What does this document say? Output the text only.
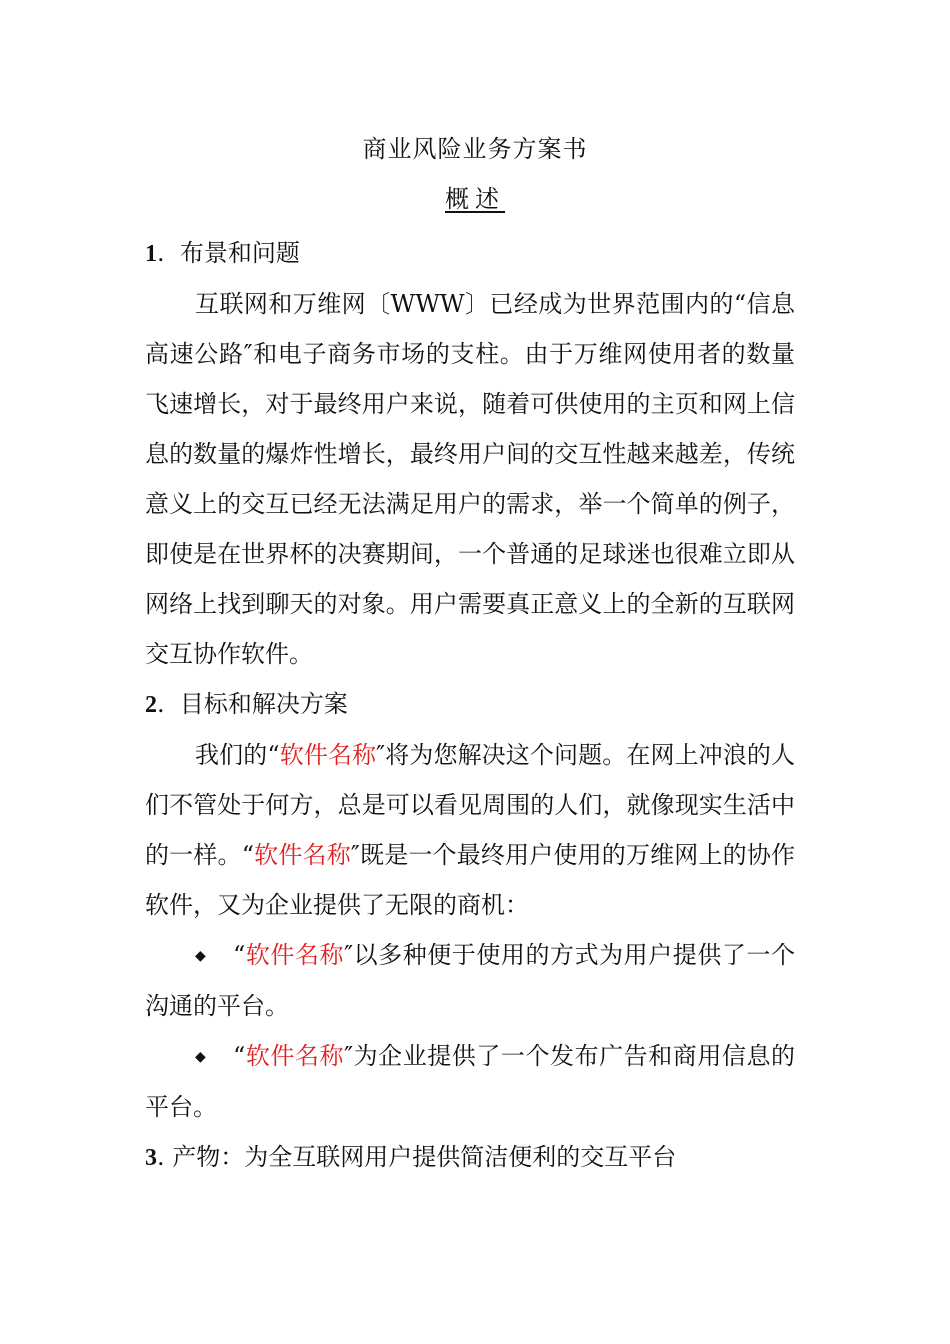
商业风险业务方案书
概述

1. 布景和问题

互联网和万维网〔WWW〕已经成为世界范围内的“信息高速公路″和电子商务市场的支柱。由于万维网使用者的数量飞速增长，对于最终用户来说，随着可供使用的主页和网上信息的数量的爆炸性增长，最终用户间的交互性越来越差，传统意义上的交互已经无法满足用户的需求，举一个简单的例子，即使是在世界杯的决赛期间，一个普通的足球迷也很难立即从网络上找到聊天的对象。用户需要真正意义上的全新的互联网交互协作软件。

2. 目标和解决方案

我们的“软件名称″将为您解决这个问题。在网上冲浪的人们不管处于何方，总是可以看见周围的人们，就像现实生活中的一样。“软件名称″既是一个最终用户使用的万维网上的协作软件，又为企业提供了无限的商机：

◆ “软件名称″以多种便于使用的方式为用户提供了一个沟通的平台。

◆ “软件名称″为企业提供了一个发布广告和商用信息的平台。

3. 产物：为全互联网用户提供简洁便利的交互平台
